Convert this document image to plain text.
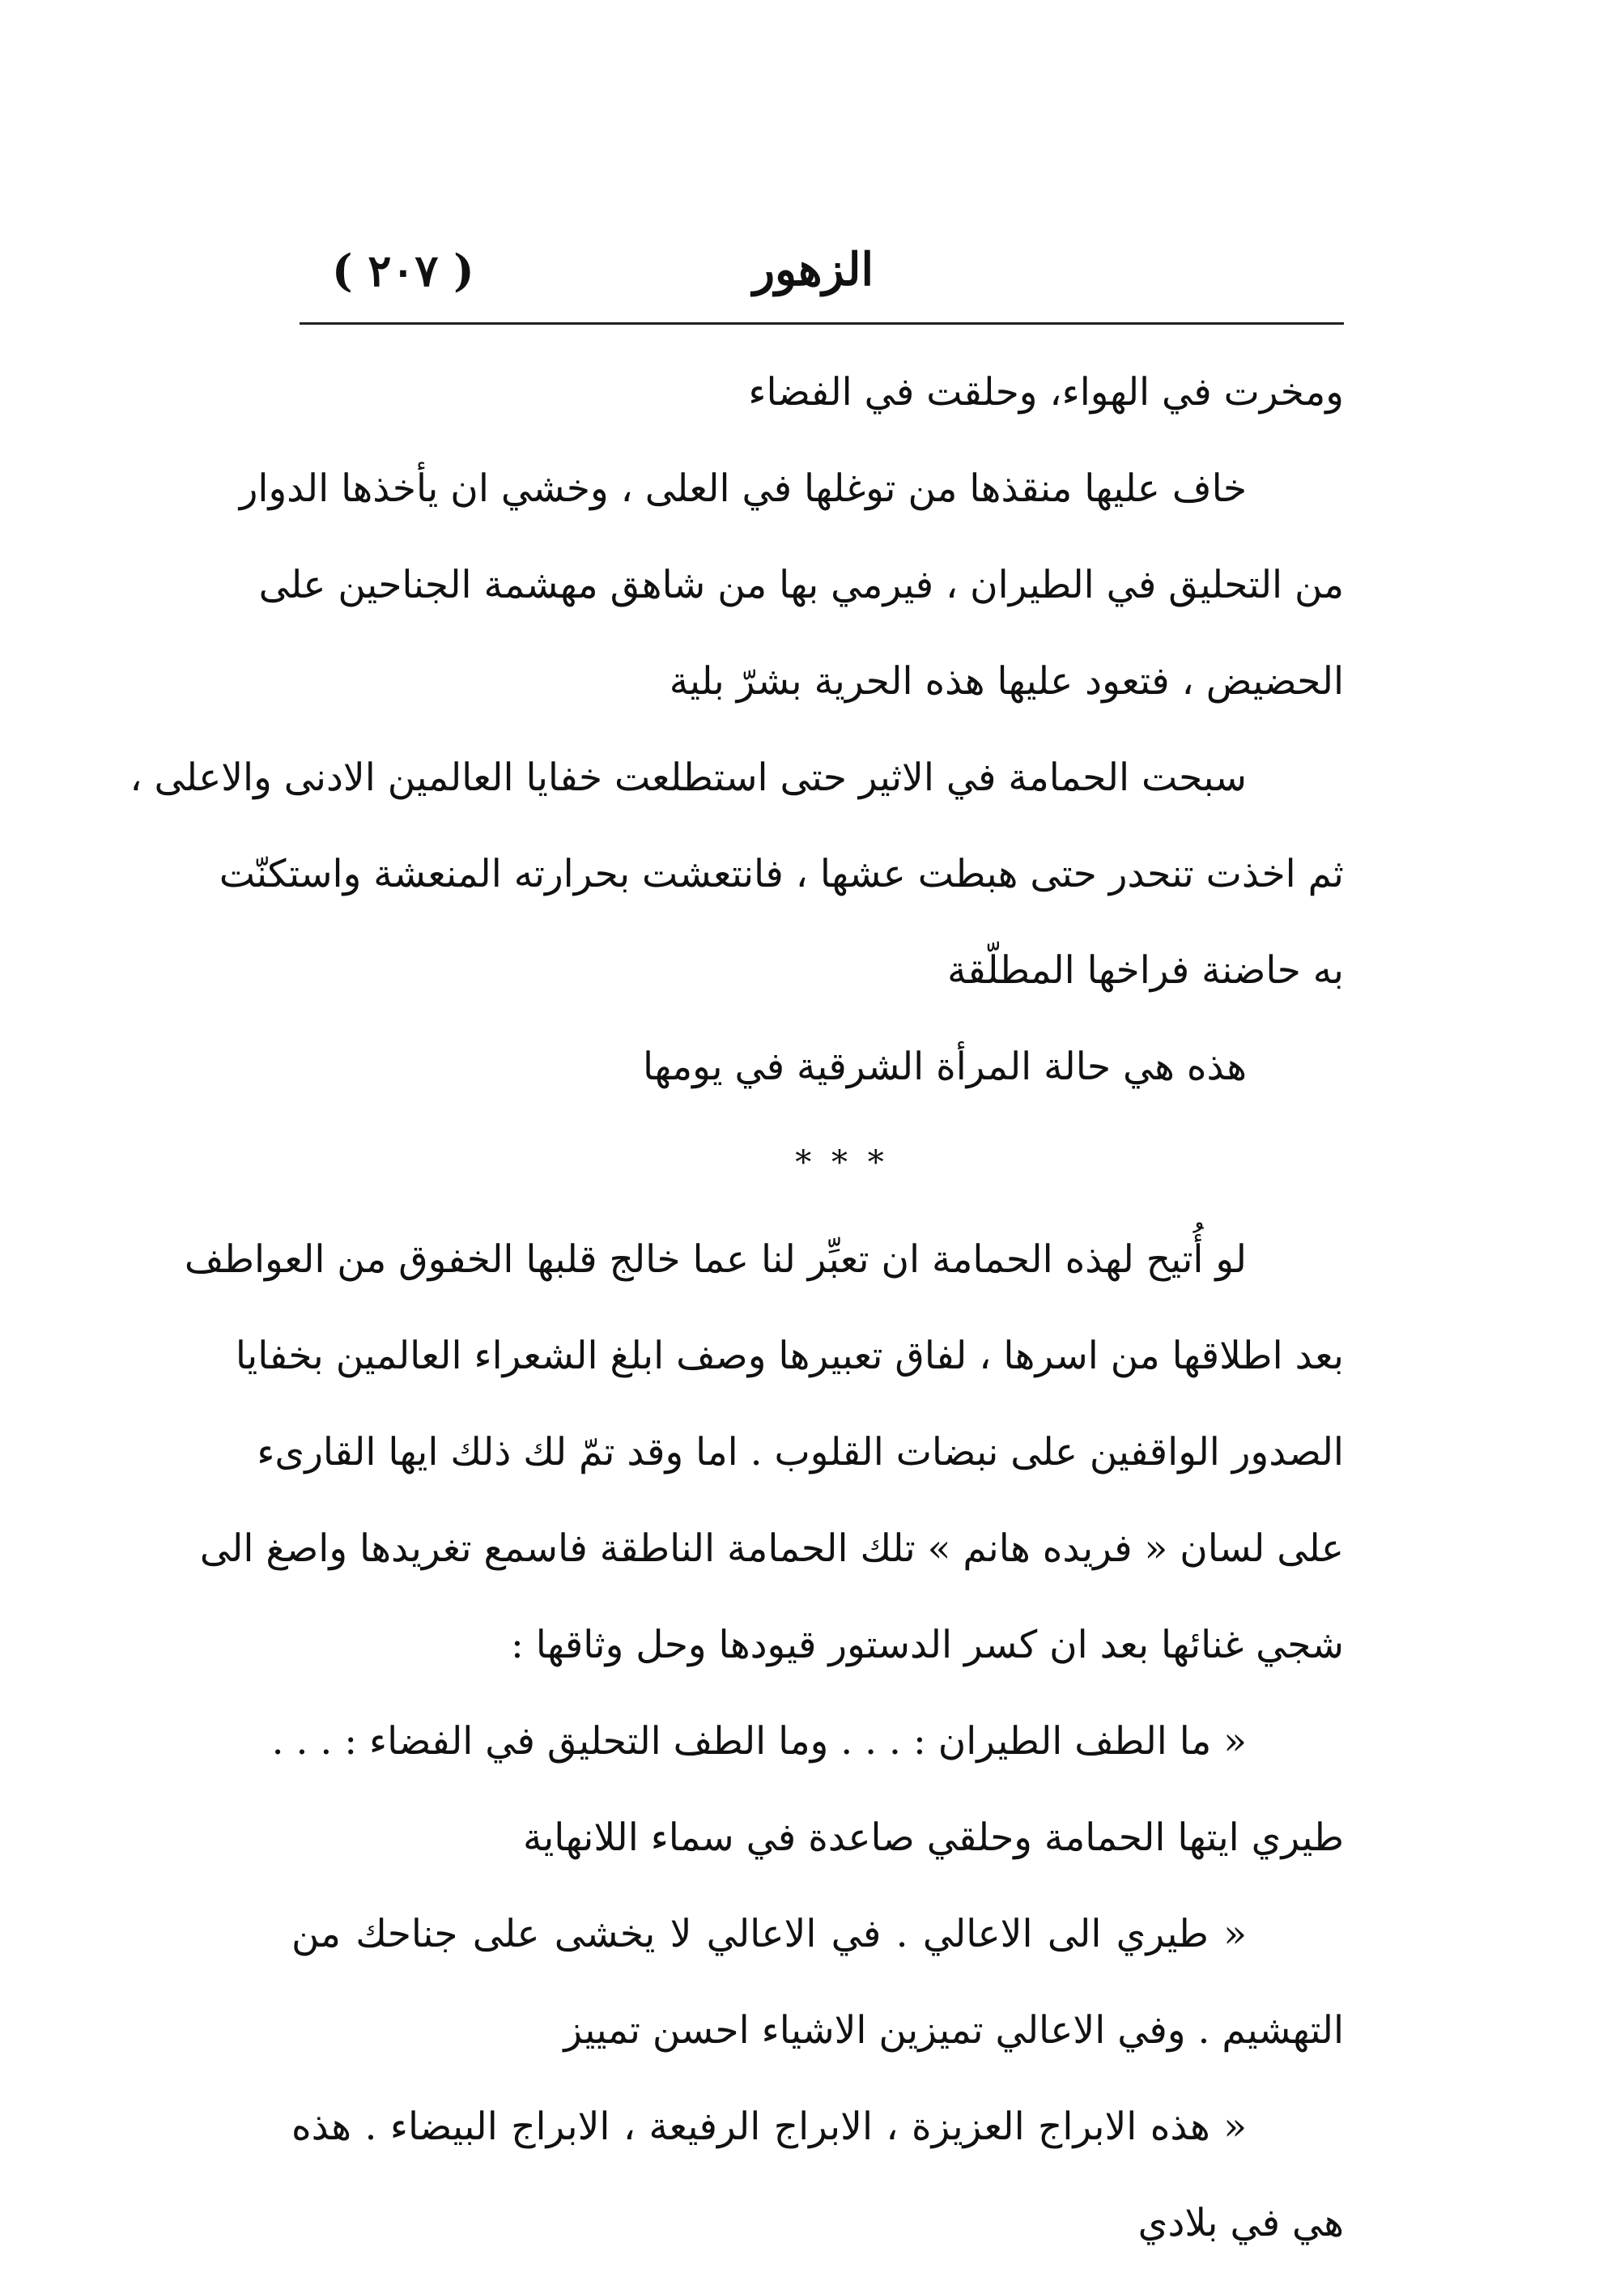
( ٢٠٧ )	الزهور
ومخرت في الهواء، وحلقت في الفضاء
خاف عليها منقذها من توغلها في العلى ، وخشي ان يأخذها الدوار
من التحليق في الطيران ، فيرمي بها من شاهق مهشمة الجناحين على
الحضيض ، فتعود عليها هذه الحرية بشرّ بلية
سبحت الحمامة في الاثير حتى استطلعت خفايا العالمين الادنى والاعلى ،
ثم اخذت تنحدر حتى هبطت عشها ، فانتعشت بحرارته المنعشة واستكنّت
به حاضنة فراخها المطلّقة
هذه هي حالة المرأة الشرقية في يومها
* * *
لو أُتيح لهذه الحمامة ان تعبِّر لنا عما خالج قلبها الخفوق من العواطف
بعد اطلاقها من اسرها ، لفاق تعبيرها وصف ابلغ الشعراء العالمين بخفايا
الصدور الواقفين على نبضات القلوب . اما وقد تمّ لك ذلك ايها القارىء
على لسان « فريده هانم » تلك الحمامة الناطقة فاسمع تغريدها واصغ الى
شجي غنائها بعد ان كسر الدستور قيودها وحل وثاقها :
« ما الطف الطيران : . . . وما الطف التحليق في الفضاء : . . .
طيري ايتها الحمامة وحلقي صاعدة في سماء اللانهاية
« طيري الى الاعالي . في الاعالي لا يخشى على جناحك من
التهشيم . وفي الاعالي تميزين الاشياء احسن تمييز
« هذه الابراج العزيزة ، الابراج الرفيعة ، الابراج البيضاء . هذه
هي في بلادي
